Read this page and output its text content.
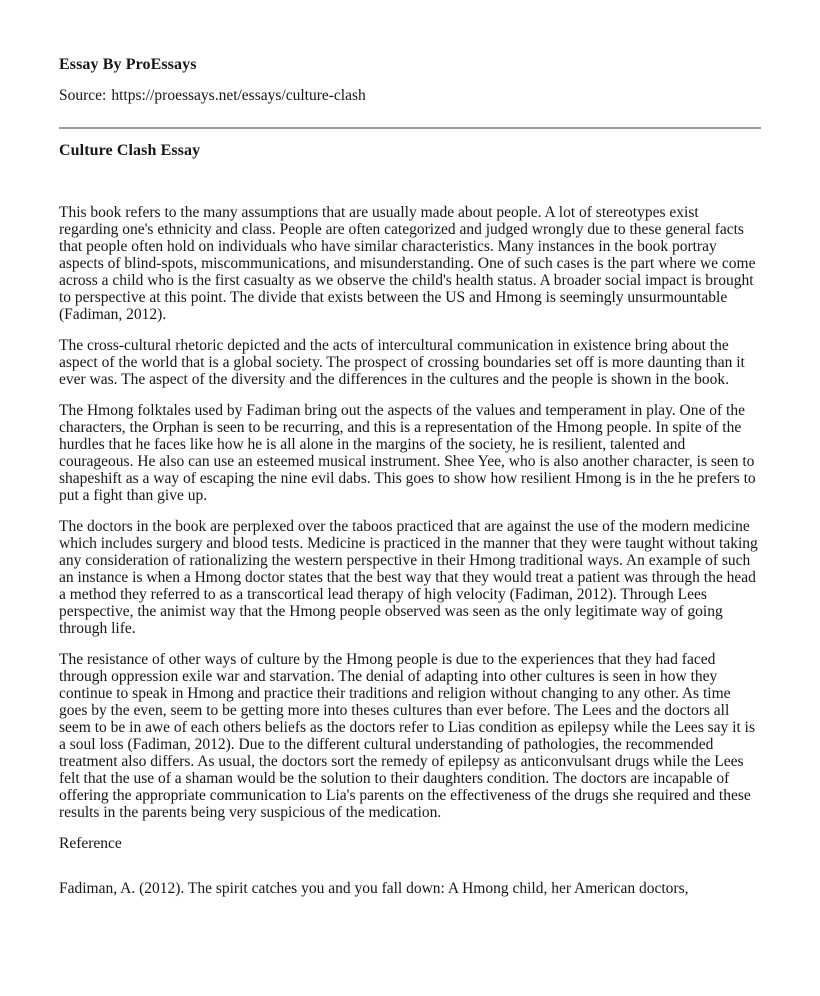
Essay By ProEssays
Source: https://proessays.net/essays/culture-clash
Culture Clash Essay

This book refers to the many assumptions that are usually made about people. A lot of stereotypes exist regarding one's ethnicity and class. People are often categorized and judged wrongly due to these general facts that people often hold on individuals who have similar characteristics. Many instances in the book portray aspects of blind-spots, miscommunications, and misunderstanding. One of such cases is the part where we come across a child who is the first casualty as we observe the child's health status. A broader social impact is brought to perspective at this point. The divide that exists between the US and Hmong is seemingly unsurmountable (Fadiman, 2012).

The cross-cultural rhetoric depicted and the acts of intercultural communication in existence bring about the aspect of the world that is a global society. The prospect of crossing boundaries set off is more daunting than it ever was. The aspect of the diversity and the differences in the cultures and the people is shown in the book.

The Hmong folktales used by Fadiman bring out the aspects of the values and temperament in play. One of the characters, the Orphan is seen to be recurring, and this is a representation of the Hmong people. In spite of the hurdles that he faces like how he is all alone in the margins of the society, he is resilient, talented and courageous. He also can use an esteemed musical instrument. Shee Yee, who is also another character, is seen to shapeshift as a way of escaping the nine evil dabs. This goes to show how resilient Hmong is in the he prefers to put a fight than give up.

The doctors in the book are perplexed over the taboos practiced that are against the use of the modern medicine which includes surgery and blood tests. Medicine is practiced in the manner that they were taught without taking any consideration of rationalizing the western perspective in their Hmong traditional ways. An example of such an instance is when a Hmong doctor states that the best way that they would treat a patient was through the head a method they referred to as a transcortical lead therapy of high velocity (Fadiman, 2012). Through Lees perspective, the animist way that the Hmong people observed was seen as the only legitimate way of going through life.

The resistance of other ways of culture by the Hmong people is due to the experiences that they had faced through oppression exile war and starvation. The denial of adapting into other cultures is seen in how they continue to speak in Hmong and practice their traditions and religion without changing to any other. As time goes by the even, seem to be getting more into theses cultures than ever before. The Lees and the doctors all seem to be in awe of each others beliefs as the doctors refer to Lias condition as epilepsy while the Lees say it is a soul loss (Fadiman, 2012). Due to the different cultural understanding of pathologies, the recommended treatment also differs. As usual, the doctors sort the remedy of epilepsy as anticonvulsant drugs while the Lees felt that the use of a shaman would be the solution to their daughters condition. The doctors are incapable of offering the appropriate communication to Lia's parents on the effectiveness of the drugs she required and these results in the parents being very suspicious of the medication.

Reference
Fadiman, A. (2012). The spirit catches you and you fall down: A Hmong child, her American doctors,
